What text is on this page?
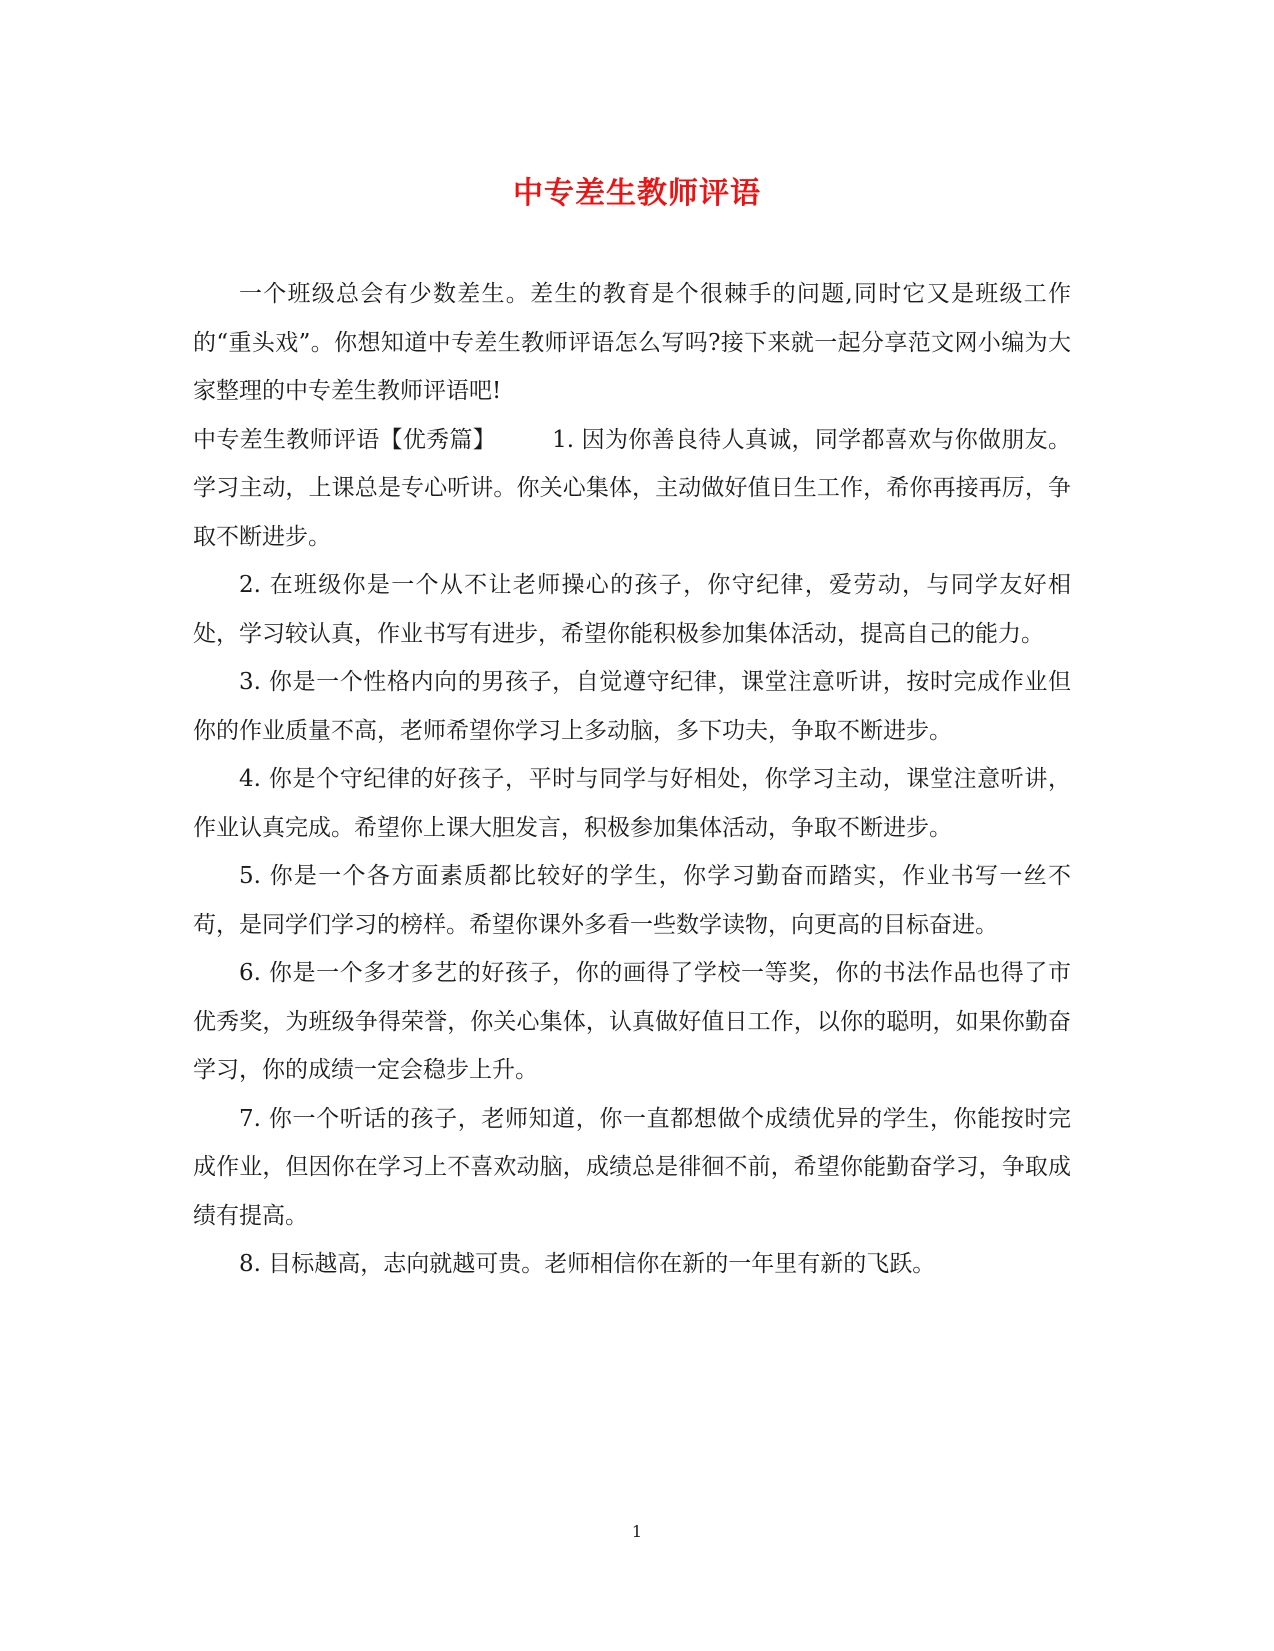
中专差生教师评语

一个班级总会有少数差生。差生的教育是个很棘手的问题,同时它又是班级工作的“重头戏”。你想知道中专差生教师评语怎么写吗?接下来就一起分享范文网小编为大家整理的中专差生教师评语吧!

中专差生教师评语【优秀篇】 1. 因为你善良待人真诚，同学都喜欢与你做朋友。学习主动，上课总是专心听讲。你关心集体，主动做好值日生工作，希你再接再厉，争取不断进步。

2. 在班级你是一个从不让老师操心的孩子，你守纪律，爱劳动，与同学友好相处，学习较认真，作业书写有进步，希望你能积极参加集体活动，提高自己的能力。

3. 你是一个性格内向的男孩子，自觉遵守纪律，课堂注意听讲，按时完成作业但你的作业质量不高，老师希望你学习上多动脑，多下功夫，争取不断进步。

4. 你是个守纪律的好孩子，平时与同学与好相处，你学习主动，课堂注意听讲，作业认真完成。希望你上课大胆发言，积极参加集体活动，争取不断进步。

5. 你是一个各方面素质都比较好的学生，你学习勤奋而踏实，作业书写一丝不苟，是同学们学习的榜样。希望你课外多看一些数学读物，向更高的目标奋进。

6. 你是一个多才多艺的好孩子，你的画得了学校一等奖，你的书法作品也得了市优秀奖，为班级争得荣誉，你关心集体，认真做好值日工作，以你的聪明，如果你勤奋学习，你的成绩一定会稳步上升。

7. 你一个听话的孩子，老师知道，你一直都想做个成绩优异的学生，你能按时完成作业，但因你在学习上不喜欢动脑，成绩总是徘徊不前，希望你能勤奋学习，争取成绩有提高。

8. 目标越高，志向就越可贵。老师相信你在新的一年里有新的飞跃。

1
